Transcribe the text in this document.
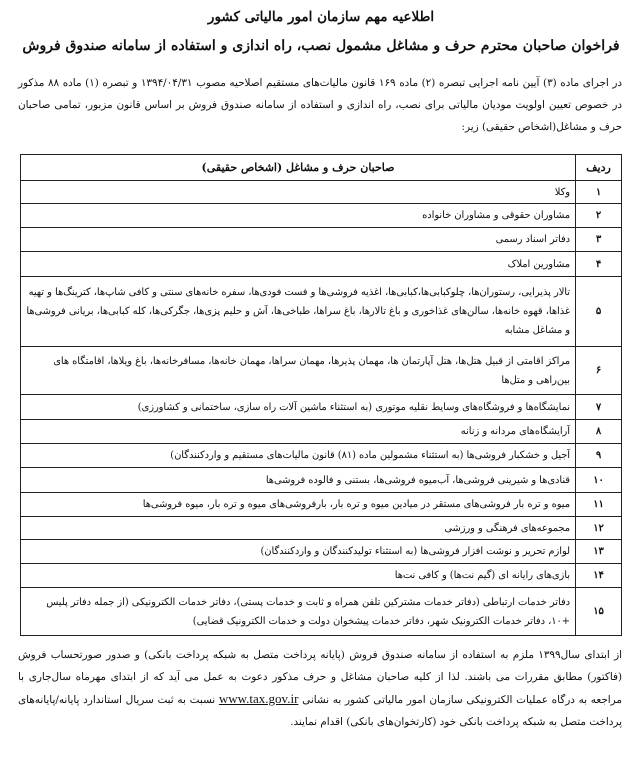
اطلاعیه مهم سازمان امور مالیاتی کشور
فراخوان صاحبان محترم حرف و مشاغل مشمول نصب، راه اندازی و استفاده از سامانه صندوق فروش
در اجرای ماده (۳) آیین نامه اجرایی تبصره (۲) ماده ۱۶۹ قانون مالیات‌های مستقیم اصلاحیه مصوب ۱۳۹۴/۰۴/۳۱ و تبصره (۱) ماده ۸۸ مذکور در خصوص تعیین اولویت مودیان مالیاتی برای نصب، راه اندازی و استفاده از سامانه صندوق فروش بر اساس قانون مزبور، تمامی صاحبان حرف و مشاغل(اشخاص حقیقی) زیر:
ردیف	صاحبان حرف و مشاغل (اشخاص حقیقی)
۱	وکلا
۲	مشاوران حقوقی و مشاوران خانواده
۳	دفاتر اسناد رسمی
۴	مشاورین املاک
۵	تالار پذیرایی، رستوران‌ها، چلوکبابی‌ها،کبابی‌ها، اغذیه فروشی‌ها و فست فودی‌ها، سفره خانه‌های سنتی و کافی شاپ‌ها، کترینگ‌ها و تهیه غذاها، قهوه خانه‌ها، سالن‌های غذاخوری و باغ تالارها، باغ سراها، طباخی‌ها، آش و حلیم پزی‌ها، جگرکی‌ها، کله کبابی‌ها، بریانی فروشی‌ها و مشاغل مشابه
۶	مراکز اقامتی از قبیل هتل‌ها، هتل آپارتمان ها، مهمان پذیرها، مهمان سراها، مهمان خانه‌ها، مسافرخانه‌ها، باغ ویلاها، اقامتگاه های بین‌راهی و متل‌ها
۷	نمایشگاه‌ها و فروشگاه‌های وسایط نقلیه موتوری (به استثناء ماشین آلات راه سازی، ساختمانی و کشاورزی)
۸	آرایشگاه‌های مردانه و زنانه
۹	آجیل و خشکبار فروشی‌ها (به استثناء مشمولین ماده (۸۱) قانون مالیات‌های مستقیم و واردکنندگان)
۱۰	قنادی‌ها و شیرینی فروشی‌ها، آب‌میوه فروشی‌ها، بستنی و فالوده فروشی‌ها
۱۱	میوه و تره بار فروشی‌های مستقر در میادین میوه و تره بار، بارفروشی‌های میوه و تره بار، میوه فروشی‌ها
۱۲	مجموعه‌های فرهنگی و ورزشی
۱۳	لوازم تحریر و نوشت افزار فروشی‌ها (به استثناء تولیدکنندگان و واردکنندگان)
۱۴	بازی‌های رایانه ای (گیم نت‌ها) و کافی نت‌ها
۱۵	دفاتر خدمات ارتباطی (دفاتر خدمات مشترکین تلفن همراه و ثابت و خدمات پستی)، دفاتر خدمات الکترونیکی (از جمله دفاتر پلیس +۱۰، دفاتر خدمات الکترونیک شهر، دفاتر خدمات پیشخوان دولت و خدمات الکترونیک قضایی)
از ابتدای سال۱۳۹۹ ملزم به استفاده از سامانه صندوق فروش (پایانه پرداخت متصل به شبکه پرداخت بانکی) و صدور صورتحساب فروش (فاکتور) مطابق مقررات می باشند. لذا از کلیه صاحبان مشاغل و حرف مذکور دعوت به عمل می آید که از ابتدای مهرماه سال‌جاری با مراجعه به درگاه عملیات الکترونیکی سازمان امور مالیاتی کشور به نشانی www.tax.gov.ir نسبت به ثبت سریال استاندارد پایانه/پایانه‌های پرداخت متصل به شبکه پرداخت بانکی خود (کارتخوان‌های بانکی) اقدام نمایند.
